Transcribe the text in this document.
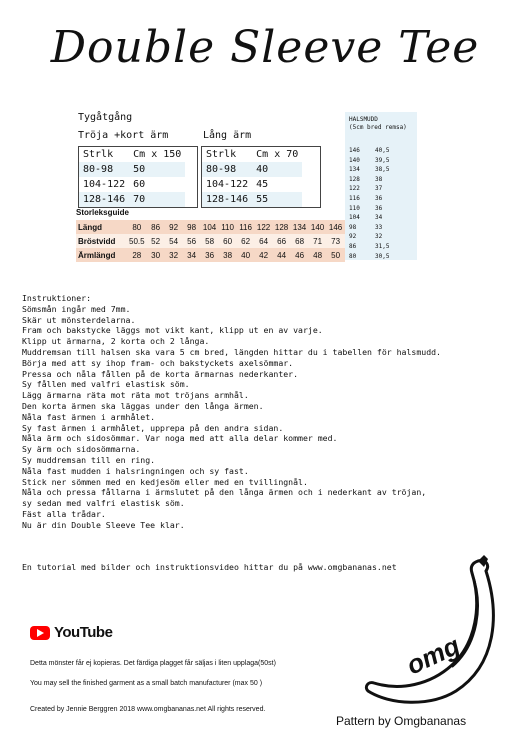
Double Sleeve Tee
Tygåtgång
Tröja +kort ärm	Lång ärm
Strlk	Cm x 150
80-98	50
104-122	60
128-146	70
Strlk	Cm x 70
80-98	40
104-122	45
128-146	55
Storleksguide
Längd	80	86	92	98	104	110	116	122	128	134	140	146
Bröstvidd	50.5	52	54	56	58	60	62	64	66	68	71	73
Ärmlängd	28	30	32	34	36	38	40	42	44	46	48	50
HALSMUDD
(5cm bred remsa)
146	40,5
140	39,5
134	38,5
128	38
122	37
116	36
110	36
104	34
98	33
92	32
86	31,5
80	30,5
Instruktioner:
Sömsmån ingår med 7mm.
Skär ut mönsterdelarna.
Fram och bakstycke läggs mot vikt kant, klipp ut en av varje.
Klipp ut ärmarna, 2 korta och 2 långa.
Muddremsan till halsen ska vara 5 cm bred, längden hittar du i tabellen för halsmudd.
Börja med att sy ihop fram- och bakstyckets axelsömmar.
Pressa och nåla fållen på de korta ärmarnas nederkanter.
Sy fållen med valfri elastisk söm.
Lägg ärmarna räta mot räta mot tröjans armhål.
Den korta ärmen ska läggas under den långa ärmen.
Nåla fast ärmen i armhålet.
Sy fast ärmen i armhålet, upprepa på den andra sidan.
Nåla ärm och sidosömmar. Var noga med att alla delar kommer med.
Sy ärm och sidosömmarna.
Sy muddremsan till en ring.
Nåla fast mudden i halsringningen och sy fast.
Stick ner sömmen med en kedjesöm eller med en tvillingnål.
Nåla och pressa fållarna i ärmslutet på den långa ärmen och i nederkant av tröjan,
sy sedan med valfri elastisk söm.
Fäst alla trådar.
Nu är din Double Sleeve Tee klar.
En tutorial med bilder och instruktionsvideo hittar du på www.omgbananas.net
YouTube
Detta mönster får ej kopieras. Det färdiga plagget får säljas i liten upplaga(50st)
You may sell the finished garment as a small batch manufacturer (max 50 )
Created by Jennie Berggren 2018 www.omgbananas.net All rights reserved.
omg
Pattern by Omgbananas
